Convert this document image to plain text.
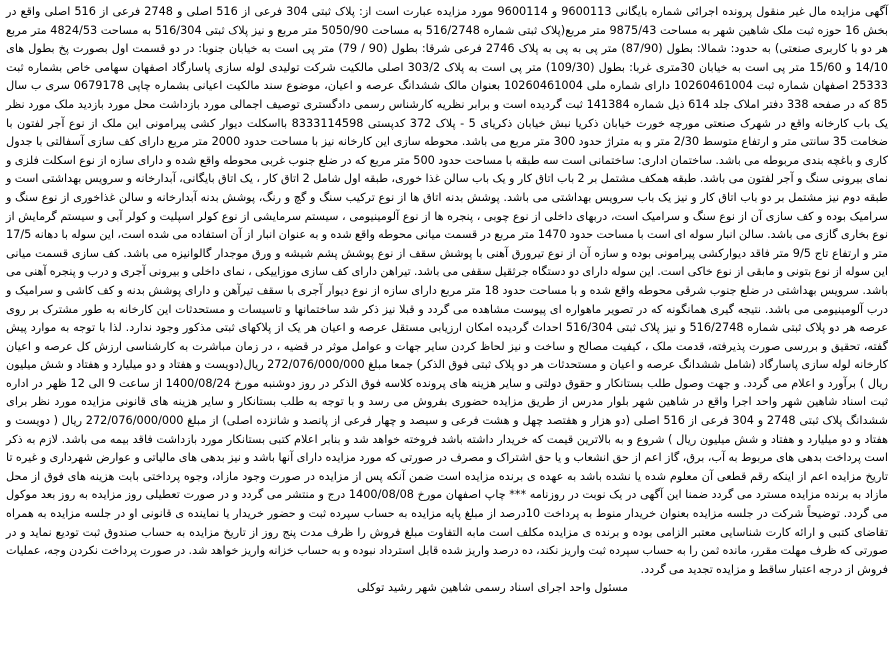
آگهی مزایده مال غیر منقول پرونده اجرائی شماره بایگانی 9600113 و 9600114 مورد مزایده عبارت است از: پلاک ثبتی 304 فرعی از 516 اصلی و 2748 فرعی از 516 اصلی واقع در بخش 16 حوزه ثبت ملک شاهین شهر به مساحت 9875/43 متر مربع(پلاک ثبتی شماره 516/2748 به مساحت 5050/90 متر مربع و نیز پلاک ثبتی 516/304 به مساحت 4824/53 متر مربع هر دو با کاربری صنعتی) به حدود: شمالا: بطول (87/90) متر پی به پی به پلاک 2746 فرعی شرقا: بطول (90 / 79) متر پی است به خیابان جنوبا: در دو قسمت اول بصورت پخ بطول های 14/10 و 15/60 متر پی است به خیابان 30متری غربا: بطول (109/30) متر پی است به پلاک 303/2 اصلی مالکیت شرکت تولیدی لوله سازی پاسارگاد اصفهان سهامی خاص بشماره ثبت 25333 اصفهان شماره ثبت 10260461004 دارای شماره ملی 10260461004 بعنوان مالک ششدانگ عرصه و اعیان، موضوع سند مالکیت اعیانی بشماره چاپی 0679178 سری ب سال 85 که در صفحه 338 دفتر املاک جلد 614 ذیل شماره 141384 ثبت گردیده است و برابر نظریه کارشناس رسمی دادگستری توصیف اجمالی مورد بازداشت محل مورد بازدید ملک مورد نظر یک باب کارخانه واقع در شهرک صنعتی مورچه خورت خیابان ذکریا نبش خیابان ذکریای 5 - پلاک 372 کدپستی 8333114598 بااسکلت دیوار کشی پیرامونی این ملک از نوع آجر لفتون با ضخامت 35 سانتی متر و ارتفاع متوسط 2/30 متر و به متراژ حدود 300 متر مربع می باشد. محوطه سازی این کارخانه نیز با مساحت حدود 2000 متر مربع دارای کف سازی آسفالتی با جدول کاری و باغچه بندی مربوطه می باشد. ساختمان اداری: ساختمانی است سه طبقه با مساحت حدود 500 متر مربع که در ضلع جنوب غربی محوطه واقع شده و دارای سازه از نوع اسکلت فلزی و نمای بیرونی سنگ و آجر لفتون می باشد. طبقه همکف مشتمل بر 2 باب اتاق کار و یک باب سالن غذا خوری، طبقه اول شامل 2 اتاق کار ، یک اتاق بایگانی، آبدارخانه و سرویس بهداشتی است و طبقه دوم نیز مشتمل بر دو باب اتاق کار و نیز یک باب سرویس بهداشتی می باشد. پوشش بدنه اتاق ها از نوع ترکیب سنگ و گچ و رنگ، پوشش بدنه آبدارخانه و سالن غذاخوری از نوع سنگ و سرامیک بوده و کف سازی آن از نوع سنگ و سرامیک است، دربهای داخلی از نوع چوبی ، پنجره ها از نوع آلومینیومی ، سیستم سرمایشی از نوع کولر اسپلیت و کولر آبی و سیستم گرمایش از نوع بخاری گازی می باشد. سالن انبار سوله ای است با مساحت حدود 1470 متر مربع در قسمت میانی محوطه واقع شده و به عنوان انبار از آن استفاده می شده است، این سوله با دهانه 17/5 متر و ارتفاع تاج 9/5 متر فاقد دیوارکشی پیرامونی بوده و سازه آن از نوع تیرورق آهنی با پوشش سقف از نوع پوشش پشم شیشه و ورق موجدار گالوانیزه می باشد. کف سازی قسمت میانی این سوله از نوع بتونی و مابقی از نوع خاکی است. این سوله دارای دو دستگاه جرثقیل سقفی می باشد. تیراهن دارای کف سازی موزاییکی ، نمای داخلی و بیرونی آجری و درب و پنجره آهنی می باشد. سرویس بهداشتی در ضلع جنوب شرقی محوطه واقع شده و با مساحت حدود 18 متر مربع دارای سازه از نوع دیوار آجری با سقف تیرآهن و دارای پوشش بدنه و کف کاشی و سرامیک و درب آلومینیومی می باشد. نتیجه گیری همانگونه که در تصویر ماهواره ای پیوست مشاهده می گردد و قبلا نیز ذکر شد ساختمانها و تاسیسات و مستحدثات این کارخانه به طور مشترک بر روی عرصه هر دو پلاک ثبتی شماره 516/2748 و نیز پلاک ثبتی 516/304 احداث گردیده امکان ارزیابی مستقل عرصه و اعیان هر یک از پلاکهای ثبتی مذکور وجود ندارد. لذا با توجه به موارد پیش گفته، تحقیق و بررسی صورت پذیرفته، قدمت ملک ، کیفیت مصالح و ساخت و نیز لحاظ کردن سایر جهات و عوامل موثر در قضیه ، در زمان مباشرت به کارشناسی ارزش کل عرصه و اعیان کارخانه لوله سازی پاسارگاد (شامل ششدانگ عرصه و اعیان و مستحدثات هر دو پلاک ثبتی فوق الذکر) جمعا مبلغ 272/076/000/000 ریال(دویست و هفتاد و دو میلیارد و هفتاد و شش میلیون ریال ) برآورد و اعلام می گردد. و جهت وصول طلب بستانکار و حقوق دولتی و سایر هزینه های پرونده کلاسه فوق الذکر در روز دوشنبه مورخ 1400/08/24 از ساعت 9 الی 12 ظهر در اداره ثبت اسناد شاهین شهر واحد اجرا واقع در شاهین شهر بلوار مدرس از طریق مزایده حضوری بفروش می رسد و با توجه به طلب بستانکار و سایر هزینه های قانونی مزایده مورد نظر برای ششدانگ پلاک ثبتی 2748 و 304 فرعی از 516 اصلی (دو هزار و هفتصد چهل و هشت فرعی و سیصد و چهار فرعی از پانصد و شانزده اصلی) از مبلغ 272/076/000/000 ریال ( دویست و هفتاد و دو میلیارد و هفتاد و شش میلیون ریال ) شروع و به بالاترین قیمت که خریدار داشته باشد فروخته خواهد شد و بنابر اعلام کتبی بستانکار مورد بازداشت فاقد بیمه می باشد. لازم به ذکر است پرداخت بدهی های مربوط به آب، برق، گاز اعم از حق انشعاب و یا حق اشتراک و مصرف در صورتی که مورد مزایده دارای آنها باشد و نیز بدهی های مالیاتی و عوارض شهرداری و غیره تا تاریخ مزایده اعم از اینکه رقم قطعی آن معلوم شده یا نشده باشد به عهده ی برنده مزایده است ضمن آنکه پس از مزایده در صورت وجود مازاد، وجوه پرداختی بابت هزینه های فوق از محل مازاد به برنده مزایده مسترد می گردد ضمنا این آگهی در یک نوبت در روزنامه *** چاپ اصفهان مورخ 1400/08/08 درج و منتشر می گردد و در صورت تعطیلی روز مزایده به روز بعد موکول می گردد. توضیحاً شرکت در جلسه مزایده بعنوان خریدار منوط به پرداخت 10درصد از مبلغ پایه مزایده به حساب سپرده ثبت و حضور خریدار یا نماینده ی قانونی او در جلسه مزایده به همراه تقاضای کتبی و ارائه کارت شناسایی معتبر الزامی بوده و برنده ی مزایده مکلف است مابه التفاوت مبلغ فروش را ظرف مدت پنج روز از تاریخ مزایده به حساب صندوق ثبت تودیع نماید و در صورتی که ظرف مهلت مقرر، مانده ثمن را به حساب سپرده ثبت واریز نکند، ده درصد واریز شده قابل استرداد نبوده و به حساب خزانه واریز خواهد شد. در صورت پرداخت نکردن وجه، عملیات فروش از درجه اعتبار ساقط و مزایده تجدید می گردد.

مسئول واحد اجرای اسناد رسمی شاهین شهر رشید توکلی
